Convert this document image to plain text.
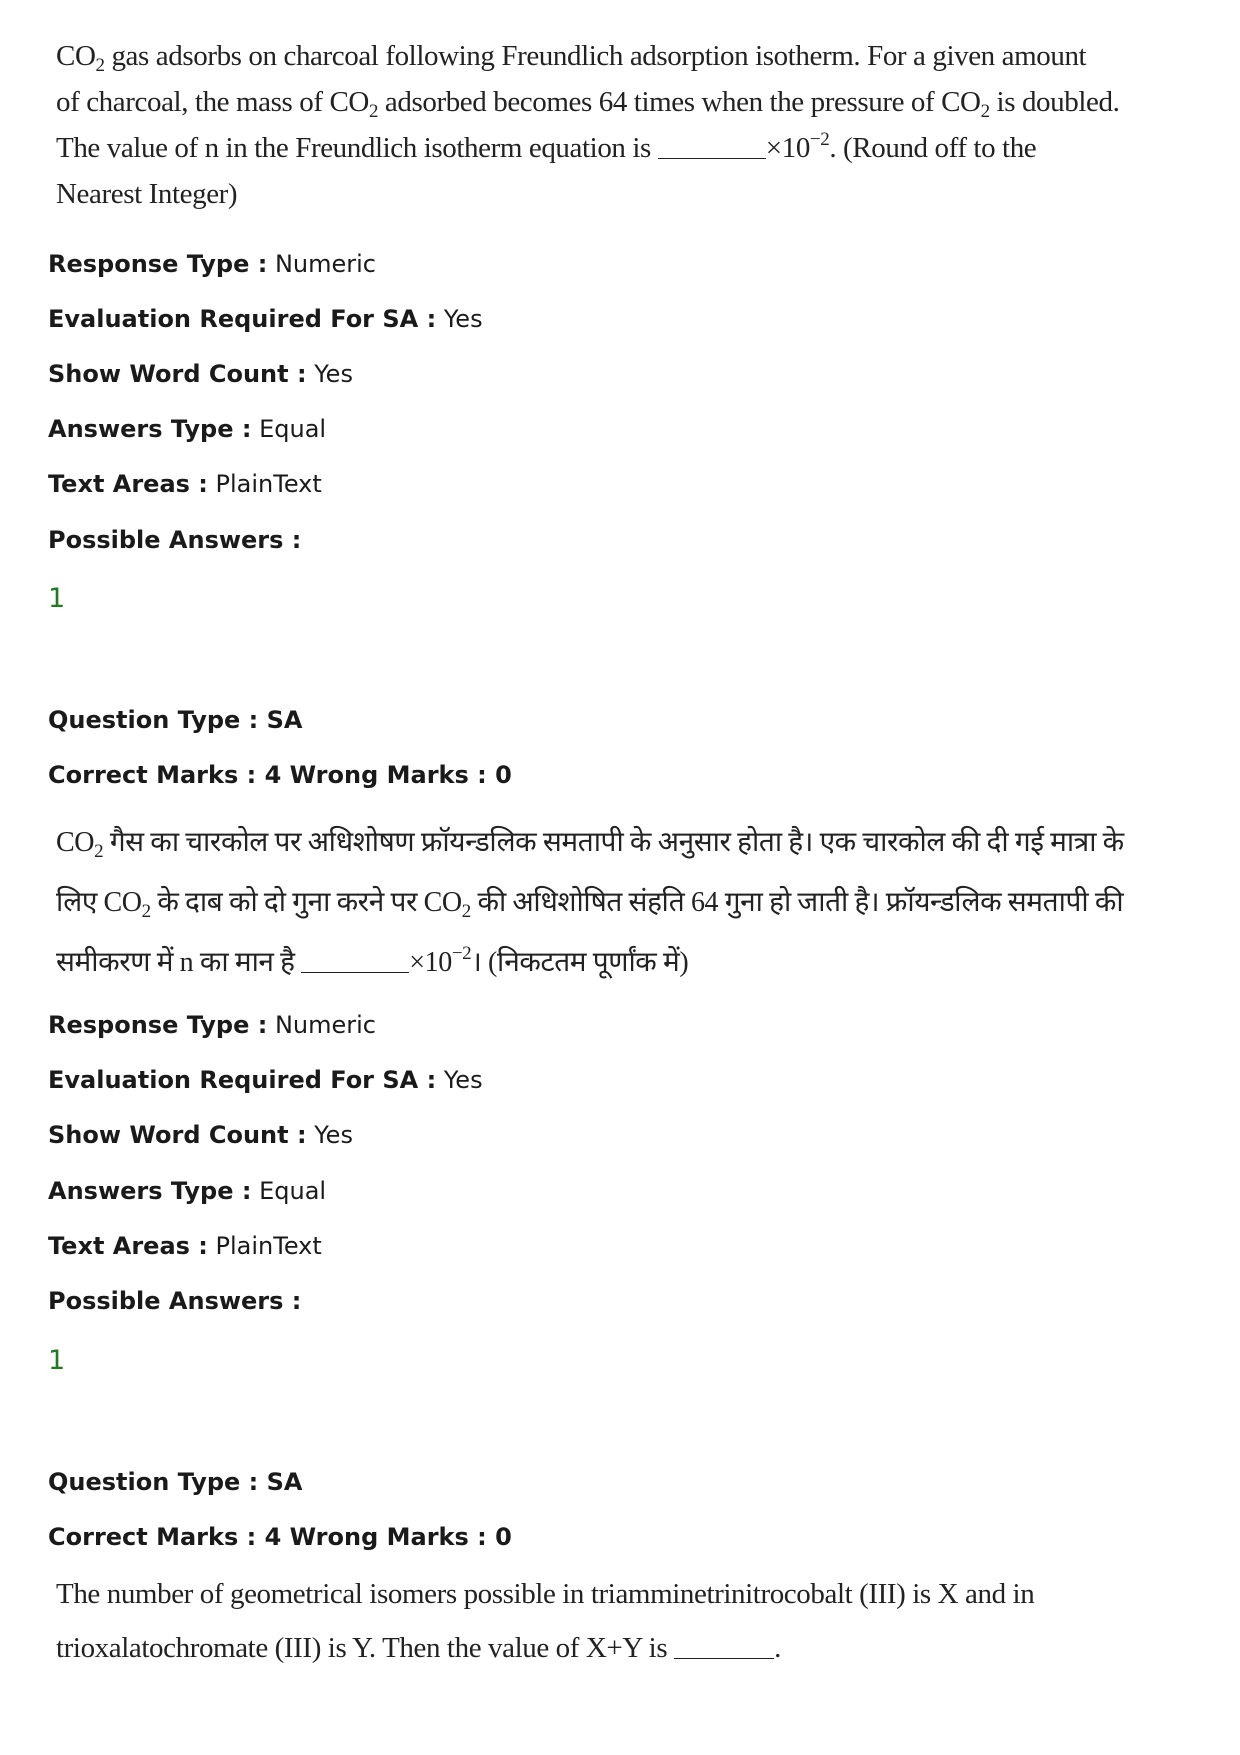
$CO_2$ gas adsorbs on charcoal following Freundlich adsorption isotherm. For a given amount
of charcoal, the mass of $CO_2$ adsorbed becomes 64 times when the pressure of $CO_2$ is doubled.
The value of n in the Freundlich isotherm equation is	$\times 10^{-2}$. (Round off to the
Nearest Integer)
Response Type : Numeric
Evaluation Required For SA : Yes
Show Word Count : Yes
Answers Type : Equal
Text Areas : PlainText
Possible Answers :
1
Question Type : SA
Correct Marks : 4 Wrong Marks : 0
$CO_2$ गैस का चारकोल पर अधिशोषण फ्रॉयन्डलिक समतापी के अनुसार होता है। एक चारकोल की दी गई मात्रा के
लिए $CO_2$ के दाब को दो गुना करने पर $CO_2$ की अधिशोषित संहति 64 गुना हो जाती है। फ्रॉयन्डलिक समतापी की
समीकरण में n का मान है	$\times 10^{-2}।$ (निकटतम पूर्णांक में)
Response Type : Numeric
Evaluation Required For SA : Yes
Show Word Count : Yes
Answers Type : Equal
Text Areas : PlainText
Possible Answers :
1
Question Type : SA
Correct Marks : 4 Wrong Marks : 0
The number of geometrical isomers possible in triamminetrinitrocobalt (III) is X and in
trioxalatochromate (III) is Y. Then the value of X+Y is	.
